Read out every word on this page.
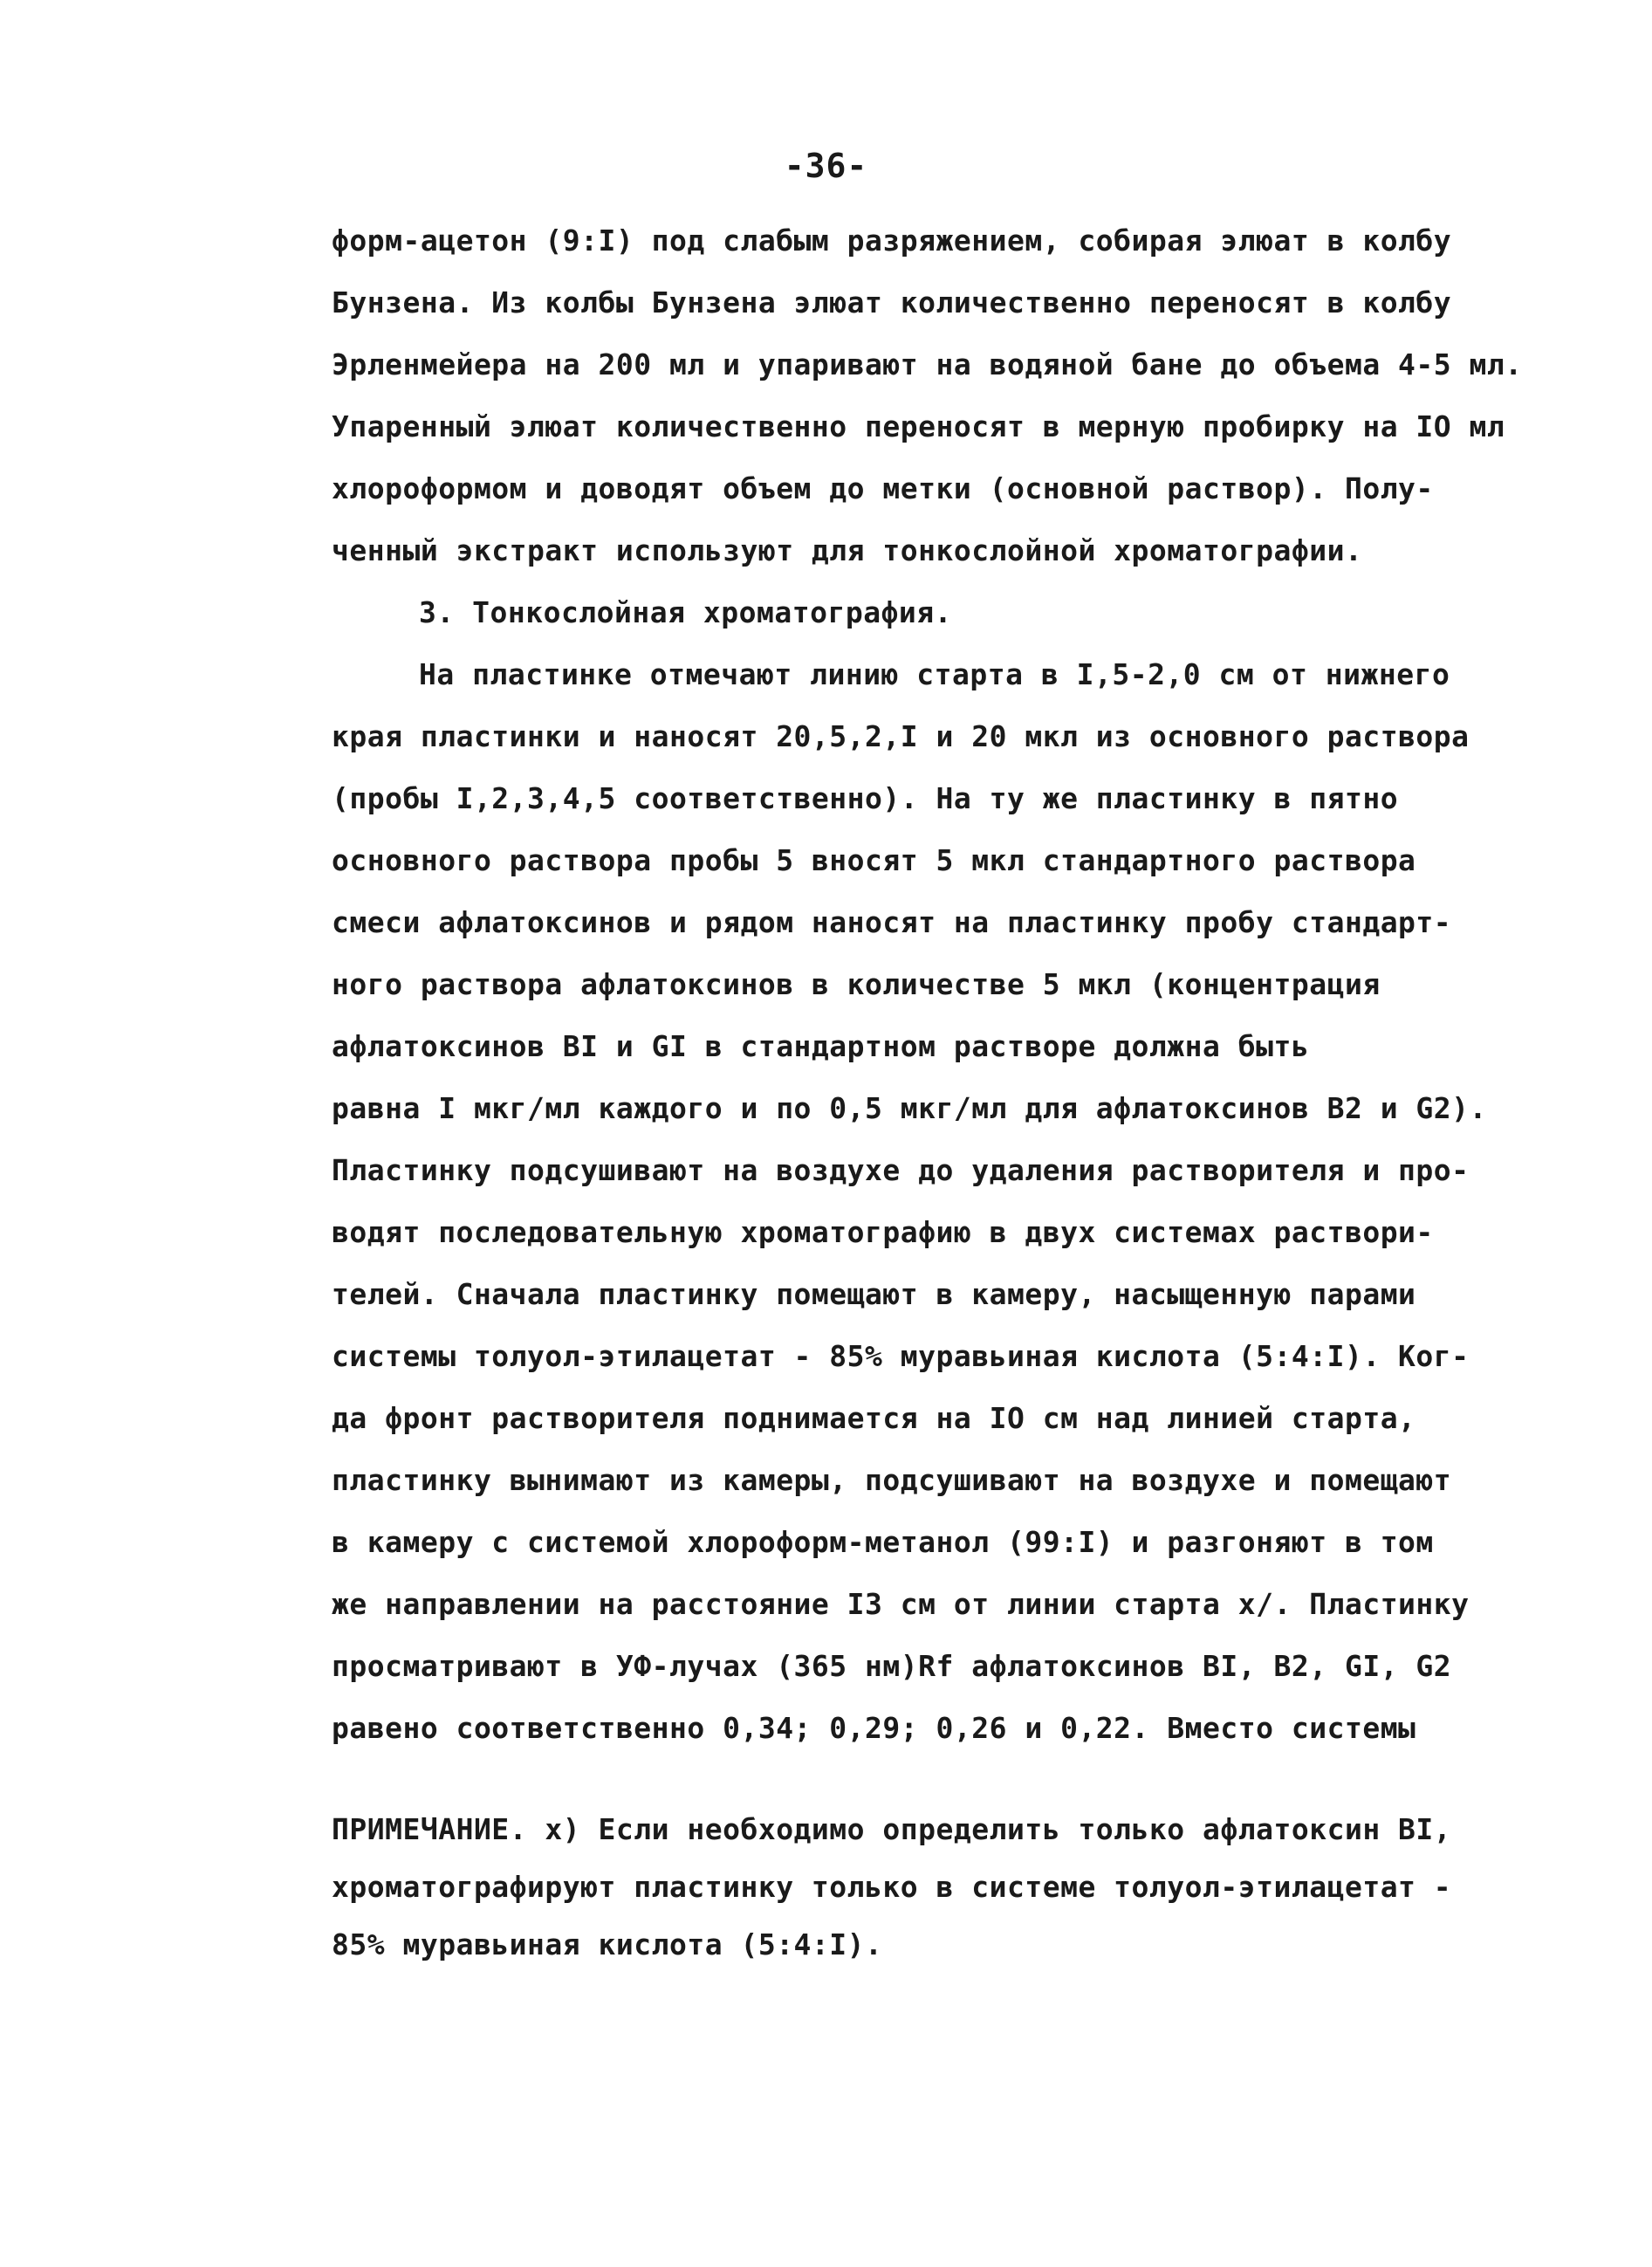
-36-
форм-ацетон (9:I) под слабым разряжением, собирая элюат в колбу
Бунзена. Из колбы Бунзена элюат количественно переносят в колбу
Эрленмейера на 200 мл и упаривают на водяной бане до объема 4-5 мл.
Упаренный элюат количественно переносят в мерную пробирку на IO мл
хлороформом и доводят объем до метки (основной раствор). Полу-
ченный экстракт используют для тонкослойной хроматографии.
3. Тонкослойная хроматография.
На пластинке отмечают линию старта в I,5-2,0 см от нижнего
края пластинки и наносят 20,5,2,I и 20 мкл из основного раствора
(пробы I,2,3,4,5 соответственно). На ту же пластинку в пятно
основного раствора пробы 5 вносят 5 мкл стандартного раствора
смеси афлатоксинов и рядом наносят на пластинку пробу стандарт-
ного раствора афлатоксинов в количестве 5 мкл (концентрация
афлатоксинов BI и GI в стандартном растворе должна быть
равна I мкг/мл каждого и по 0,5 мкг/мл для афлатоксинов B2 и G2).
Пластинку подсушивают на воздухе до удаления растворителя и про-
водят последовательную хроматографию в двух системах раствори-
телей. Сначала пластинку помещают в камеру, насыщенную парами
системы толуол-этилацетат - 85% муравьиная кислота (5:4:I). Ког-
да фронт растворителя поднимается на IO см над линией старта,
пластинку вынимают из камеры, подсушивают на воздухе и помещают
в камеру с системой хлороформ-метанол (99:I) и разгоняют в том
же направлении на расстояние I3 см от линии старта x/. Пластинку
просматривают в УФ-лучах (365 нм)Rf афлатоксинов BI, B2, GI, G2
равено соответственно 0,34; 0,29; 0,26 и 0,22. Вместо системы
ПРИМЕЧАНИЕ. x) Если необходимо определить только афлатоксин BI,
хроматографируют пластинку только в системе толуол-этилацетат -
85% муравьиная кислота (5:4:I).
